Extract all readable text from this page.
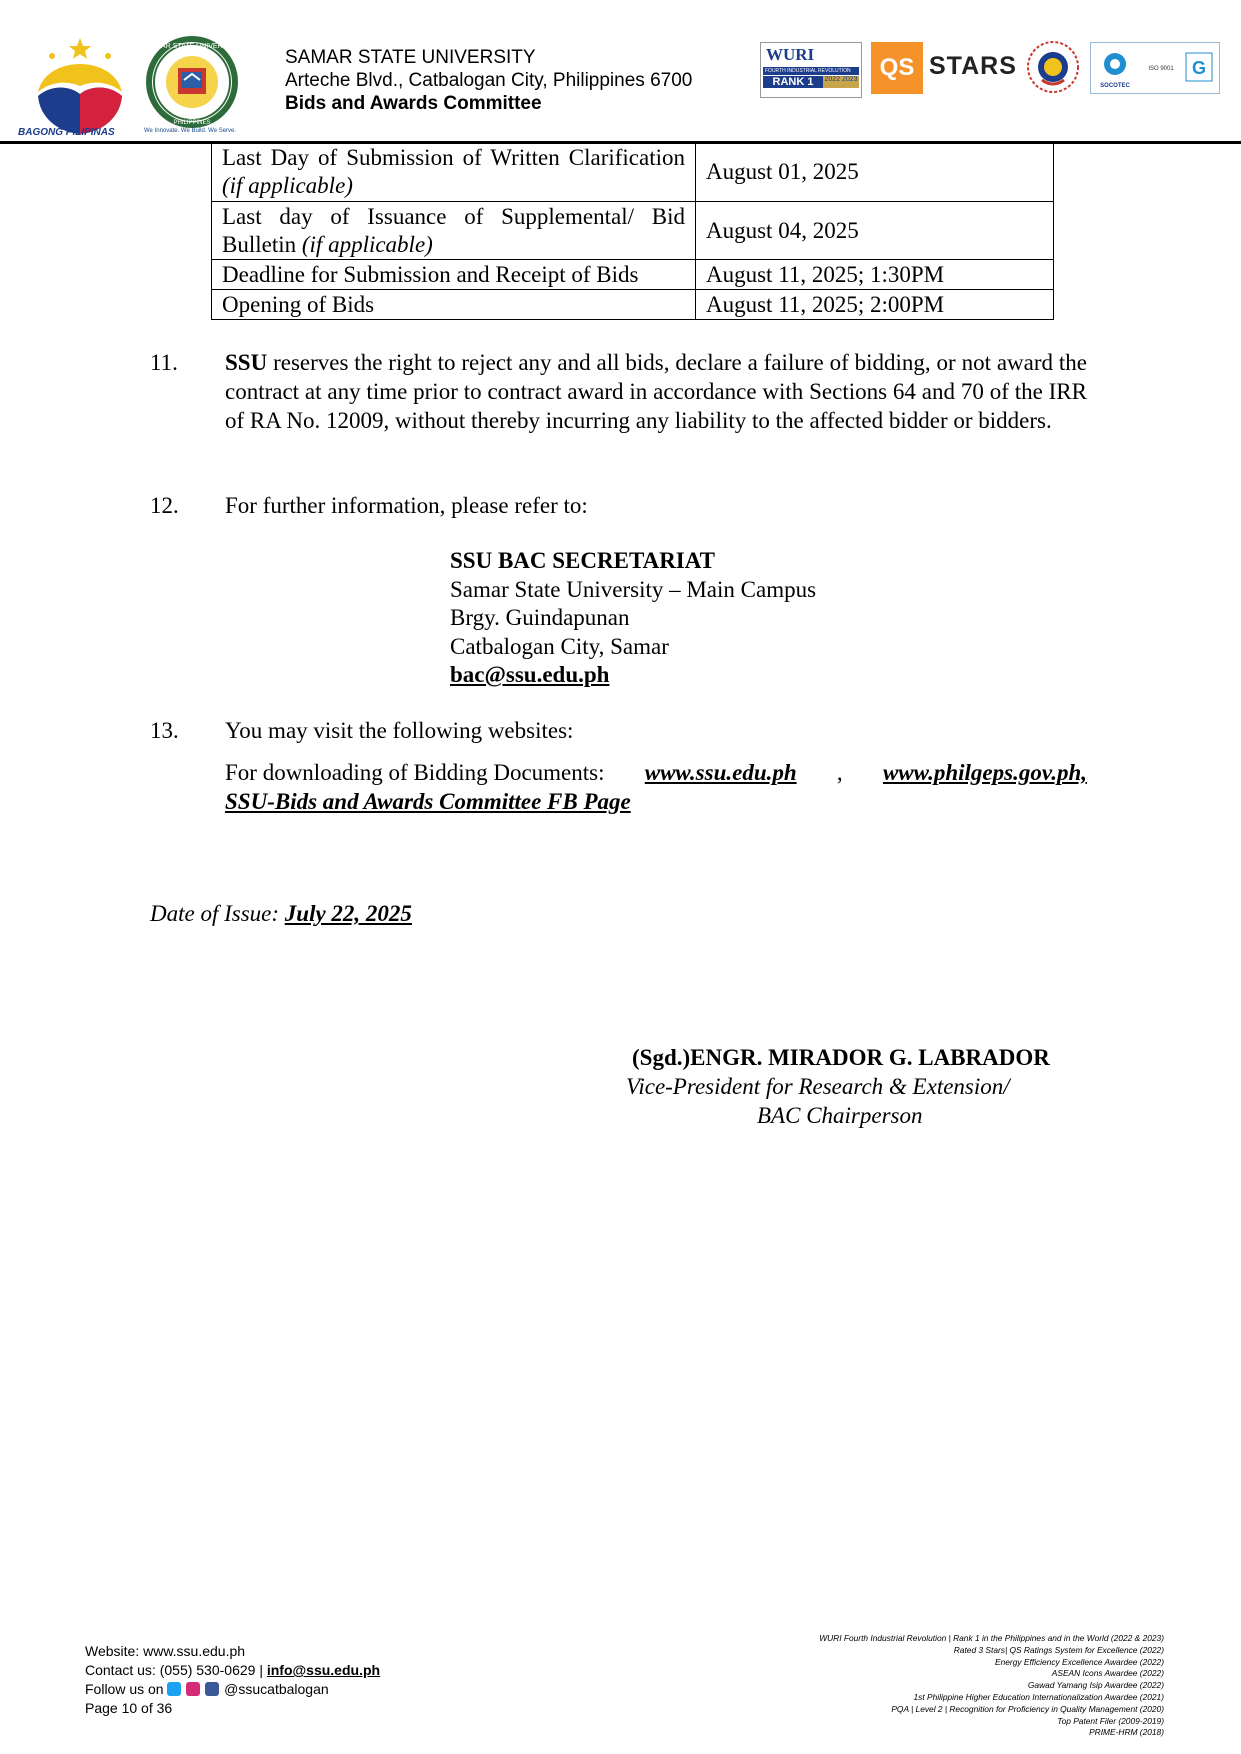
BAGONG PILIPINAS
SAMAR STATE UNIVERSITY
PHILIPPINES
We Innovate. We Build. We Serve.
SAMAR STATE UNIVERSITY
Arteche Blvd., Catbalogan City, Philippines 6700
Bids and Awards Committee
WURI
FOURTH INDUSTRIAL REVOLUTION
RANK 1	2022 2023 QS STARS
SOCOTEC
ISO 9001 G
Last Day of Submission of Written Clarification (if applicable)	August 01, 2025
Last day of Issuance of Supplemental/ Bid Bulletin (if applicable)	August 04, 2025
Deadline for Submission and Receipt of Bids	August 11, 2025; 1:30PM
Opening of Bids	August 11, 2025; 2:00PM
11. SSU reserves the right to reject any and all bids, declare a failure of bidding, or not award the contract at any time prior to contract award in accordance with Sections 64 and 70 of the IRR of RA No. 12009, without thereby incurring any liability to the affected bidder or bidders.
12. For further information, please refer to:
SSU BAC SECRETARIAT
Samar State University – Main Campus
Brgy. Guindapunan
Catbalogan City, Samar
bac@ssu.edu.ph
13. You may visit the following websites:
For downloading of Bidding Documents: www.ssu.edu.ph , www.philgeps.gov.ph,
SSU-Bids and Awards Committee FB Page
Date of Issue: July 22, 2025
(Sgd.)ENGR. MIRADOR G. LABRADOR
Vice-President for Research & Extension/
BAC Chairperson
Website: www.ssu.edu.ph
Contact us: (055) 530-0629 | info@ssu.edu.ph
Follow us on	@ssucatbalogan
Page 10 of 36
WURI Fourth Industrial Revolution | Rank 1 in the Philippines and in the World (2022 & 2023)
Rated 3 Stars| QS Ratings System for Excellence (2022)
Energy Efficiency Excellence Awardee (2022)
ASEAN Icons Awardee (2022)
Gawad Yamang Isip Awardee (2022)
1st Philippine Higher Education Internationalization Awardee (2021)
PQA | Level 2 | Recognition for Proficiency in Quality Management (2020)
Top Patent Filer (2009-2019)
PRIME-HRM (2018)
